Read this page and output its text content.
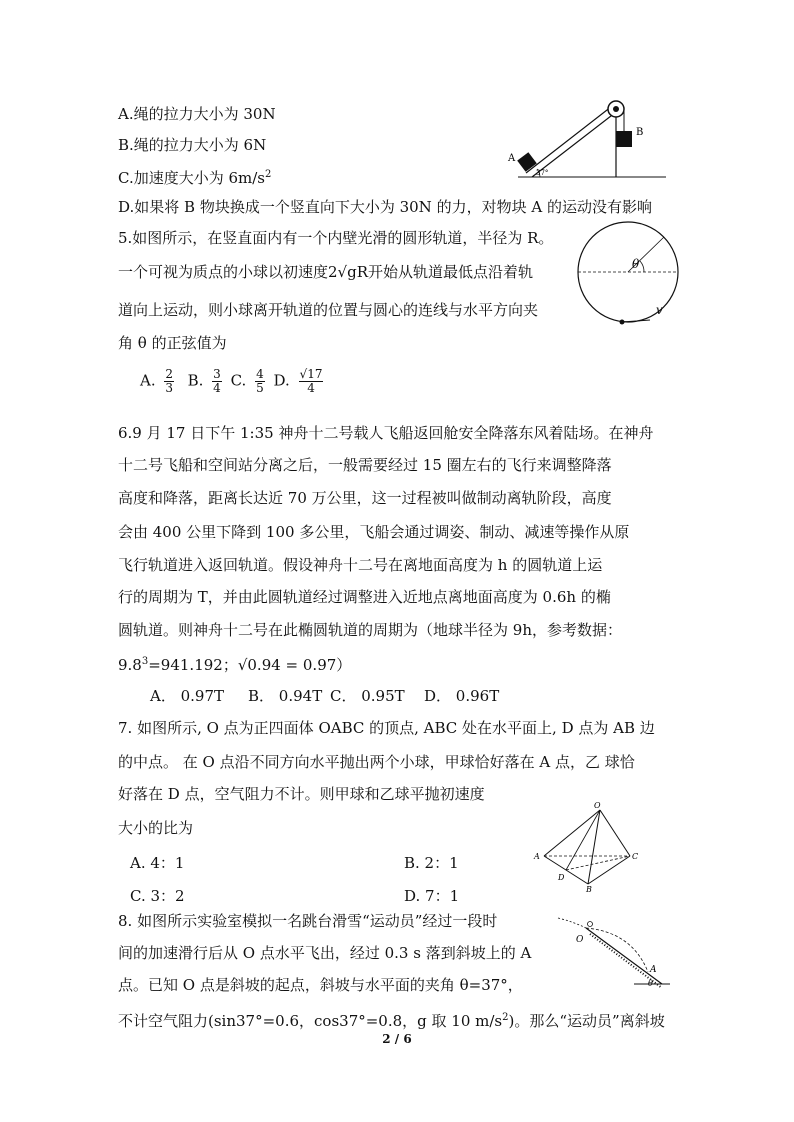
A.绳的拉力大小为 30N
B.绳的拉力大小为 6N
C.加速度大小为 $6m/s^2$
D.如果将 B 物块换成一个竖直向下大小为 30N 的力，对物块 A 的运动没有影响
A
B
37°
5.如图所示，在竖直面内有一个内壁光滑的圆形轨道，半径为 R。
一个可视为质点的小球以初速度2√gR开始从轨道最低点沿着轨
道向上运动，则小球离开轨道的位置与圆心的连线与水平方向夹
角 θ 的正弦值为
A. $\frac{2}{3} B$. $\frac{3}{4} C$. $\frac{4}{5} D$. $\frac{√17}{4}$
θ
v
6.9 月 17 日下午 1:35 神舟十二号载人飞船返回舱安全降落东风着陆场。在神舟
十二号飞船和空间站分离之后，一般需要经过 15 圈左右的飞行来调整降落
高度和降落，距离长达近 70 万公里，这一过程被叫做制动离轨阶段，高度
会由 400 公里下降到 100 多公里，飞船会通过调姿、制动、减速等操作从原
飞行轨道进入返回轨道。假设神舟十二号在离地面高度为 h 的圆轨道上运
行的周期为 T，并由此圆轨道经过调整进入近地点离地面高度为 0.6h 的椭
圆轨道。则神舟十二号在此椭圆轨道的周期为（地球半径为 9h，参考数据：
$9.8^3=941.192$；√0.94 = 0.97）
A． 0.97T B． 0.94T C． 0.95T D． 0.96T
7. 如图所示, O 点为正四面体 OABC 的顶点, ABC 处在水平面上, D 点为 AB 边
的中点。 在 O 点沿不同方向水平抛出两个小球，甲球恰好落在 A 点，乙 球恰
好落在 D 点，空气阻力不计。则甲球和乙球平抛初速度
大小的比为
A. 4：1	B. 2：1
C. 3：2	D. 7：1
O
A
B
C
D
8. 如图所示实验室模拟一名跳台滑雪“运动员”经过一段时
间的加速滑行后从 O 点水平飞出，经过 0.3 s 落到斜坡上的 A
点。已知 O 点是斜坡的起点，斜坡与水平面的夹角 θ=37°，
不计空气阻力(sin37°=0.6，cos37°=0.8，g 取 10 $m/s^2$)。那么“运动员”离斜坡
O
A
θ
2 / 6
